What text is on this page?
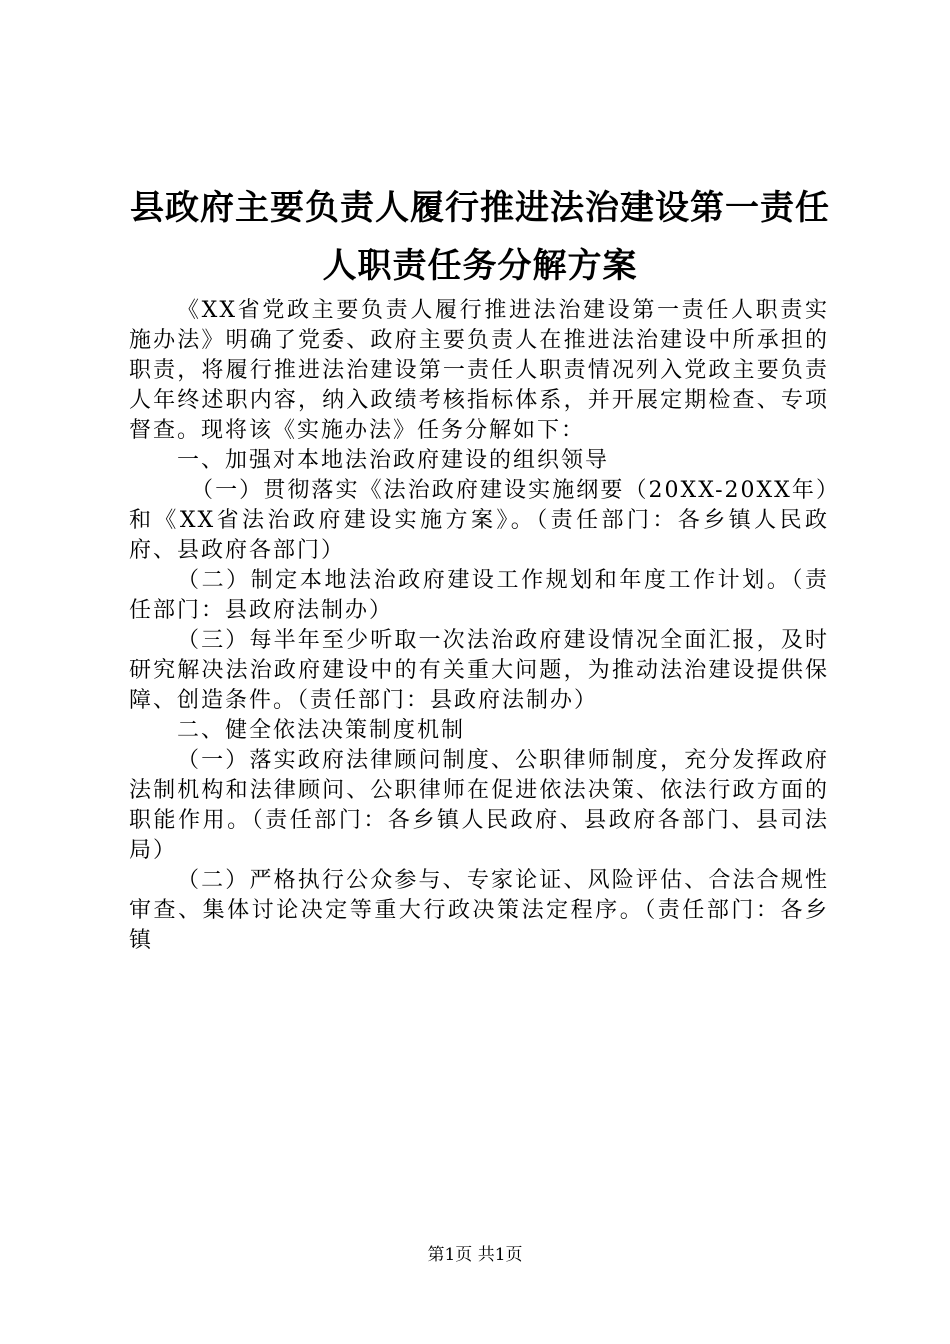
县政府主要负责人履行推进法治建设第一责任
人职责任务分解方案

《XX省党政主要负责人履行推进法治建设第一责任人职责实施办法》明确了党委、政府主要负责人在推进法治建设中所承担的职责，将履行推进法治建设第一责任人职责情况列入党政主要负责人年终述职内容，纳入政绩考核指标体系，并开展定期检查、专项督查。现将该《实施办法》任务分解如下：

一、加强对本地法治政府建设的组织领导

（一）贯彻落实《法治政府建设实施纲要（20XX-20XX年）和《XX省法治政府建设实施方案》。（责任部门：各乡镇人民政府、县政府各部门）

（二）制定本地法治政府建设工作规划和年度工作计划。（责任部门：县政府法制办）

（三）每半年至少听取一次法治政府建设情况全面汇报，及时研究解决法治政府建设中的有关重大问题，为推动法治建设提供保障、创造条件。（责任部门：县政府法制办）

二、健全依法决策制度机制

（一）落实政府法律顾问制度、公职律师制度，充分发挥政府法制机构和法律顾问、公职律师在促进依法决策、依法行政方面的职能作用。（责任部门：各乡镇人民政府、县政府各部门、县司法局）

（二）严格执行公众参与、专家论证、风险评估、合法合规性审查、集体讨论决定等重大行政决策法定程序。（责任部门：各乡镇

第1页 共1页
